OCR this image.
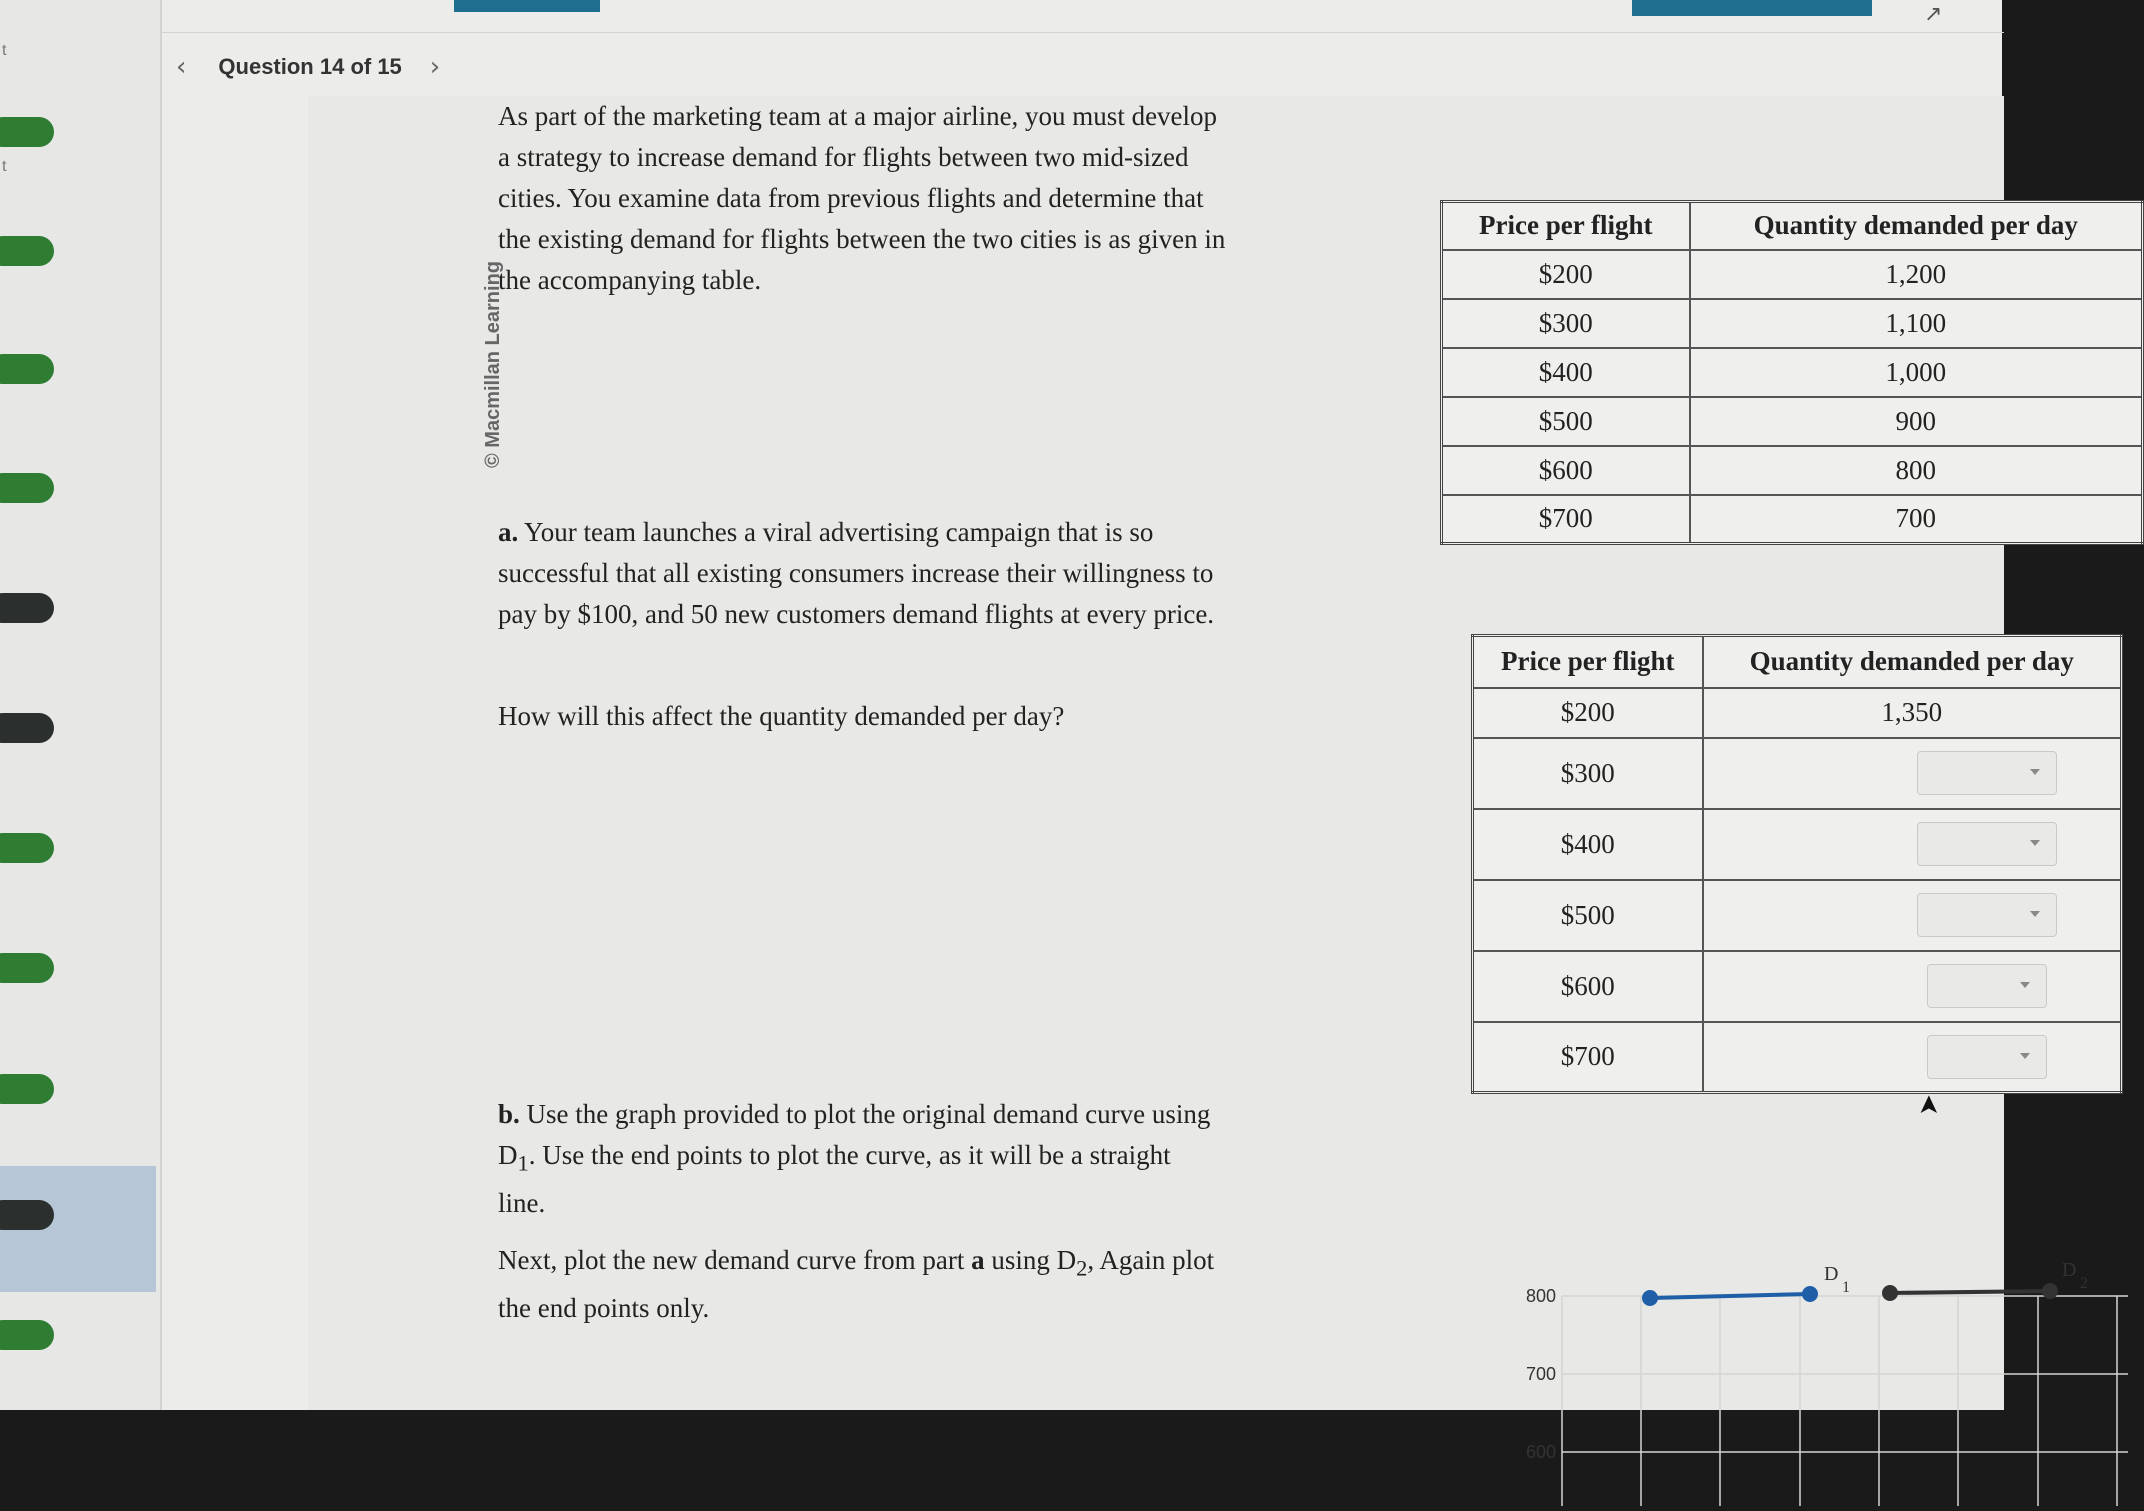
t
t
↗
‹ Question 14 of 15 ›
© Macmillan Learning
As part of the marketing team at a major airline, you must develop a strategy to increase demand for flights between two mid-sized cities. You examine data from previous flights and determine that the existing demand for flights between the two cities is as given in the accompanying table.
Price per flight	Quantity demanded per day
$200	1,200
$300	1,100
$400	1,000
$500	900
$600	800
$700	700
a. Your team launches a viral advertising campaign that is so successful that all existing consumers increase their willingness to pay by $100, and 50 new customers demand flights at every price.
How will this affect the quantity demanded per day?
Price per flight	Quantity demanded per day
$200	1,350
$300	

$400	

$500	

$600	

$700	
b. Use the graph provided to plot the original demand curve using $D_1$. Use the end points to plot the curve, as it will be a straight line.
Next, plot the new demand curve from part a using $D_2$, Again plot the end points only.	800
700
600
D
1
D
2
➤
